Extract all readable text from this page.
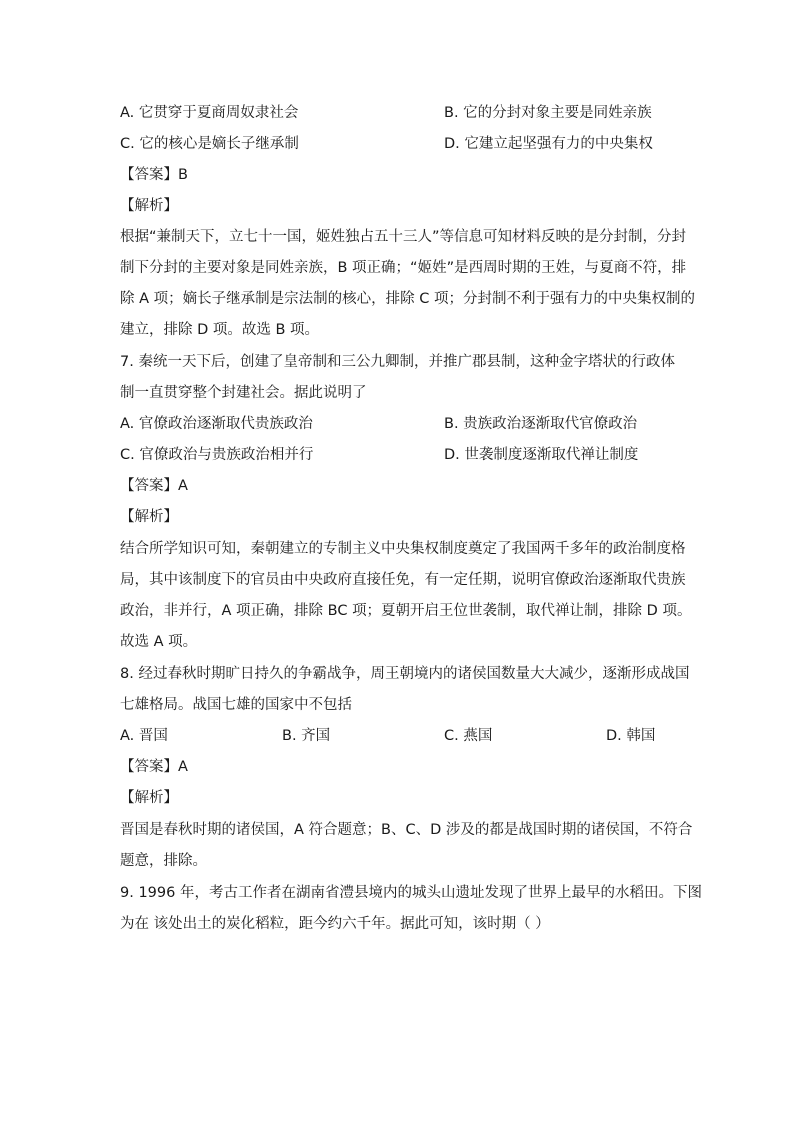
A. 它贯穿于夏商周奴隶社会	B. 它的分封对象主要是同姓亲族
C. 它的核心是嫡长子继承制	D. 它建立起坚强有力的中央集权
【答案】B
【解析】
根据“兼制天下，立七十一国，姬姓独占五十三人”等信息可知材料反映的是分封制，分封
制下分封的主要对象是同姓亲族，B 项正确；“姬姓”是西周时期的王姓，与夏商不符，排
除 A 项；嫡长子继承制是宗法制的核心，排除 C 项；分封制不利于强有力的中央集权制的
建立，排除 D 项。故选 B 项。
7. 秦统一天下后，创建了皇帝制和三公九卿制，并推广郡县制，这种金字塔状的行政体
制一直贯穿整个封建社会。据此说明了
A. 官僚政治逐渐取代贵族政治	B. 贵族政治逐渐取代官僚政治
C. 官僚政治与贵族政治相并行	D. 世袭制度逐渐取代禅让制度
【答案】A
【解析】
结合所学知识可知，秦朝建立的专制主义中央集权制度奠定了我国两千多年的政治制度格
局，其中该制度下的官员由中央政府直接任免，有一定任期，说明官僚政治逐渐取代贵族
政治，非并行，A 项正确，排除 BC 项；夏朝开启王位世袭制，取代禅让制，排除 D 项。
故选 A 项。
8. 经过春秋时期旷日持久的争霸战争，周王朝境内的诸侯国数量大大减少，逐渐形成战国
七雄格局。战国七雄的国家中不包括
A. 晋国	B. 齐国	C. 燕国	D. 韩国
【答案】A
【解析】
晋国是春秋时期的诸侯国，A 符合题意；B、C、D 涉及的都是战国时期的诸侯国，不符合
题意，排除。
9. 1996 年，考古工作者在湖南省澧县境内的城头山遗址发现了世界上最早的水稻田。下图
为在 该处出土的炭化稻粒，距今约六千年。据此可知，该时期（ ）
